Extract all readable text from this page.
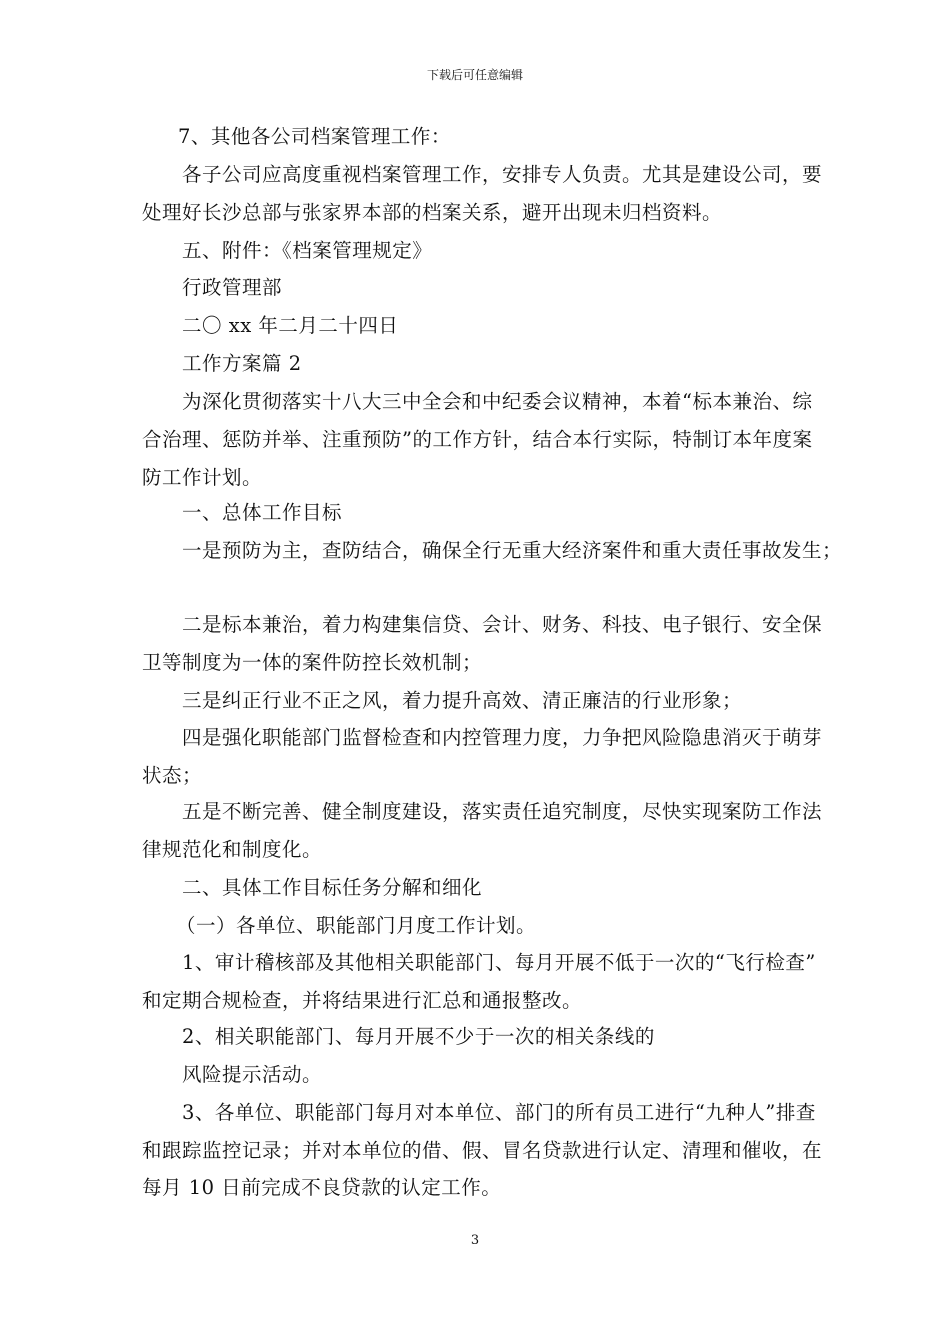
下载后可任意编辑
7、其他各公司档案管理工作：
各子公司应高度重视档案管理工作，安排专人负责。尤其是建设公司，要
处理好长沙总部与张家界本部的档案关系，避开出现未归档资料。
五、附件：《档案管理规定》
行政管理部
二〇 xx 年二月二十四日
工作方案篇 2
为深化贯彻落实十八大三中全会和中纪委会议精神，本着“标本兼治、综
合治理、惩防并举、注重预防”的工作方针，结合本行实际，特制订本年度案
防工作计划。
一、总体工作目标
一是预防为主，查防结合，确保全行无重大经济案件和重大责任事故发生；
二是标本兼治，着力构建集信贷、会计、财务、科技、电子银行、安全保
卫等制度为一体的案件防控长效机制；
三是纠正行业不正之风，着力提升高效、清正廉洁的行业形象；
四是强化职能部门监督检查和内控管理力度，力争把风险隐患消灭于萌芽
状态；
五是不断完善、健全制度建设，落实责任追究制度，尽快实现案防工作法
律规范化和制度化。
二、具体工作目标任务分解和细化
（一）各单位、职能部门月度工作计划。
1、审计稽核部及其他相关职能部门、每月开展不低于一次的“飞行检查”
和定期合规检查，并将结果进行汇总和通报整改。
2、相关职能部门、每月开展不少于一次的相关条线的
风险提示活动。
3、各单位、职能部门每月对本单位、部门的所有员工进行“九种人”排查
和跟踪监控记录；并对本单位的借、假、冒名贷款进行认定、清理和催收，在
每月 10 日前完成不良贷款的认定工作。
3
